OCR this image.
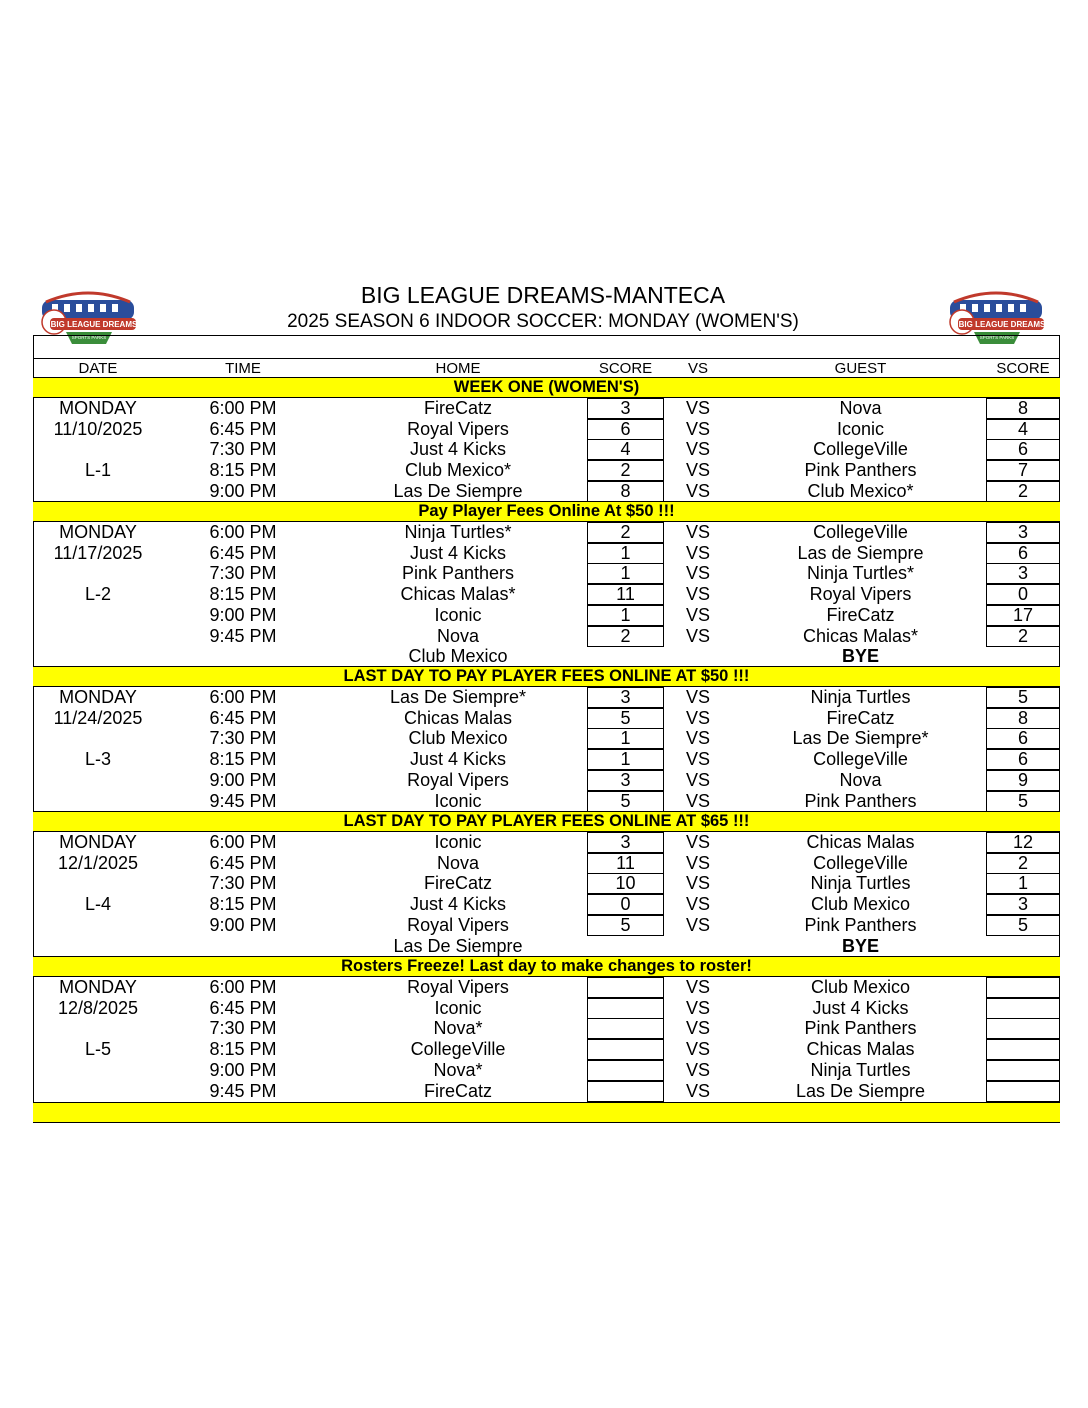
BIG LEAGUE DREAMS
SPORTS PARKS
BIG LEAGUE DREAMS
SPORTS PARKS
BIG LEAGUE DREAMS-MANTECA
2025 SEASON 6 INDOOR SOCCER: MONDAY (WOMEN'S)
DATE	TIME	HOME	SCORE	VS	GUEST	SCORE
WEEK ONE (WOMEN'S)
MONDAY	6:00 PM	FireCatz	3	VS	Nova	8
11/10/2025	6:45 PM	Royal Vipers	6	VS	Iconic	4
7:30 PM	Just 4 Kicks	4	VS	CollegeVille	6
L-1	8:15 PM	Club Mexico*	2	VS	Pink Panthers	7
9:00 PM	Las De Siempre	8	VS	Club Mexico*	2
Pay Player Fees Online At $50 !!!
MONDAY	6:00 PM	Ninja Turtles*	2	VS	CollegeVille	3
11/17/2025	6:45 PM	Just 4 Kicks	1	VS	Las de Siempre	6
7:30 PM	Pink Panthers	1	VS	Ninja Turtles*	3
L-2	8:15 PM	Chicas Malas*	11	VS	Royal Vipers	0
9:00 PM	Iconic	1	VS	FireCatz	17
9:45 PM	Nova	2	VS	Chicas Malas*	2
Club Mexico	BYE
LAST DAY TO PAY PLAYER FEES ONLINE AT $50 !!!
MONDAY	6:00 PM	Las De Siempre*	3	VS	Ninja Turtles	5
11/24/2025	6:45 PM	Chicas Malas	5	VS	FireCatz	8
7:30 PM	Club Mexico	1	VS	Las De Siempre*	6
L-3	8:15 PM	Just 4 Kicks	1	VS	CollegeVille	6
9:00 PM	Royal Vipers	3	VS	Nova	9
9:45 PM	Iconic	5	VS	Pink Panthers	5
LAST DAY TO PAY PLAYER FEES ONLINE AT $65 !!!
MONDAY	6:00 PM	Iconic	3	VS	Chicas Malas	12
12/1/2025	6:45 PM	Nova	11	VS	CollegeVille	2
7:30 PM	FireCatz	10	VS	Ninja Turtles	1
L-4	8:15 PM	Just 4 Kicks	0	VS	Club Mexico	3
9:00 PM	Royal Vipers	5	VS	Pink Panthers	5
Las De Siempre	BYE
Rosters Freeze! Last day to make changes to roster!
MONDAY	6:00 PM	Royal Vipers	VS	Club Mexico
12/8/2025	6:45 PM	Iconic	VS	Just 4 Kicks
7:30 PM	Nova*	VS	Pink Panthers
L-5	8:15 PM	CollegeVille	VS	Chicas Malas
9:00 PM	Nova*	VS	Ninja Turtles
9:45 PM	FireCatz	VS	Las De Siempre
